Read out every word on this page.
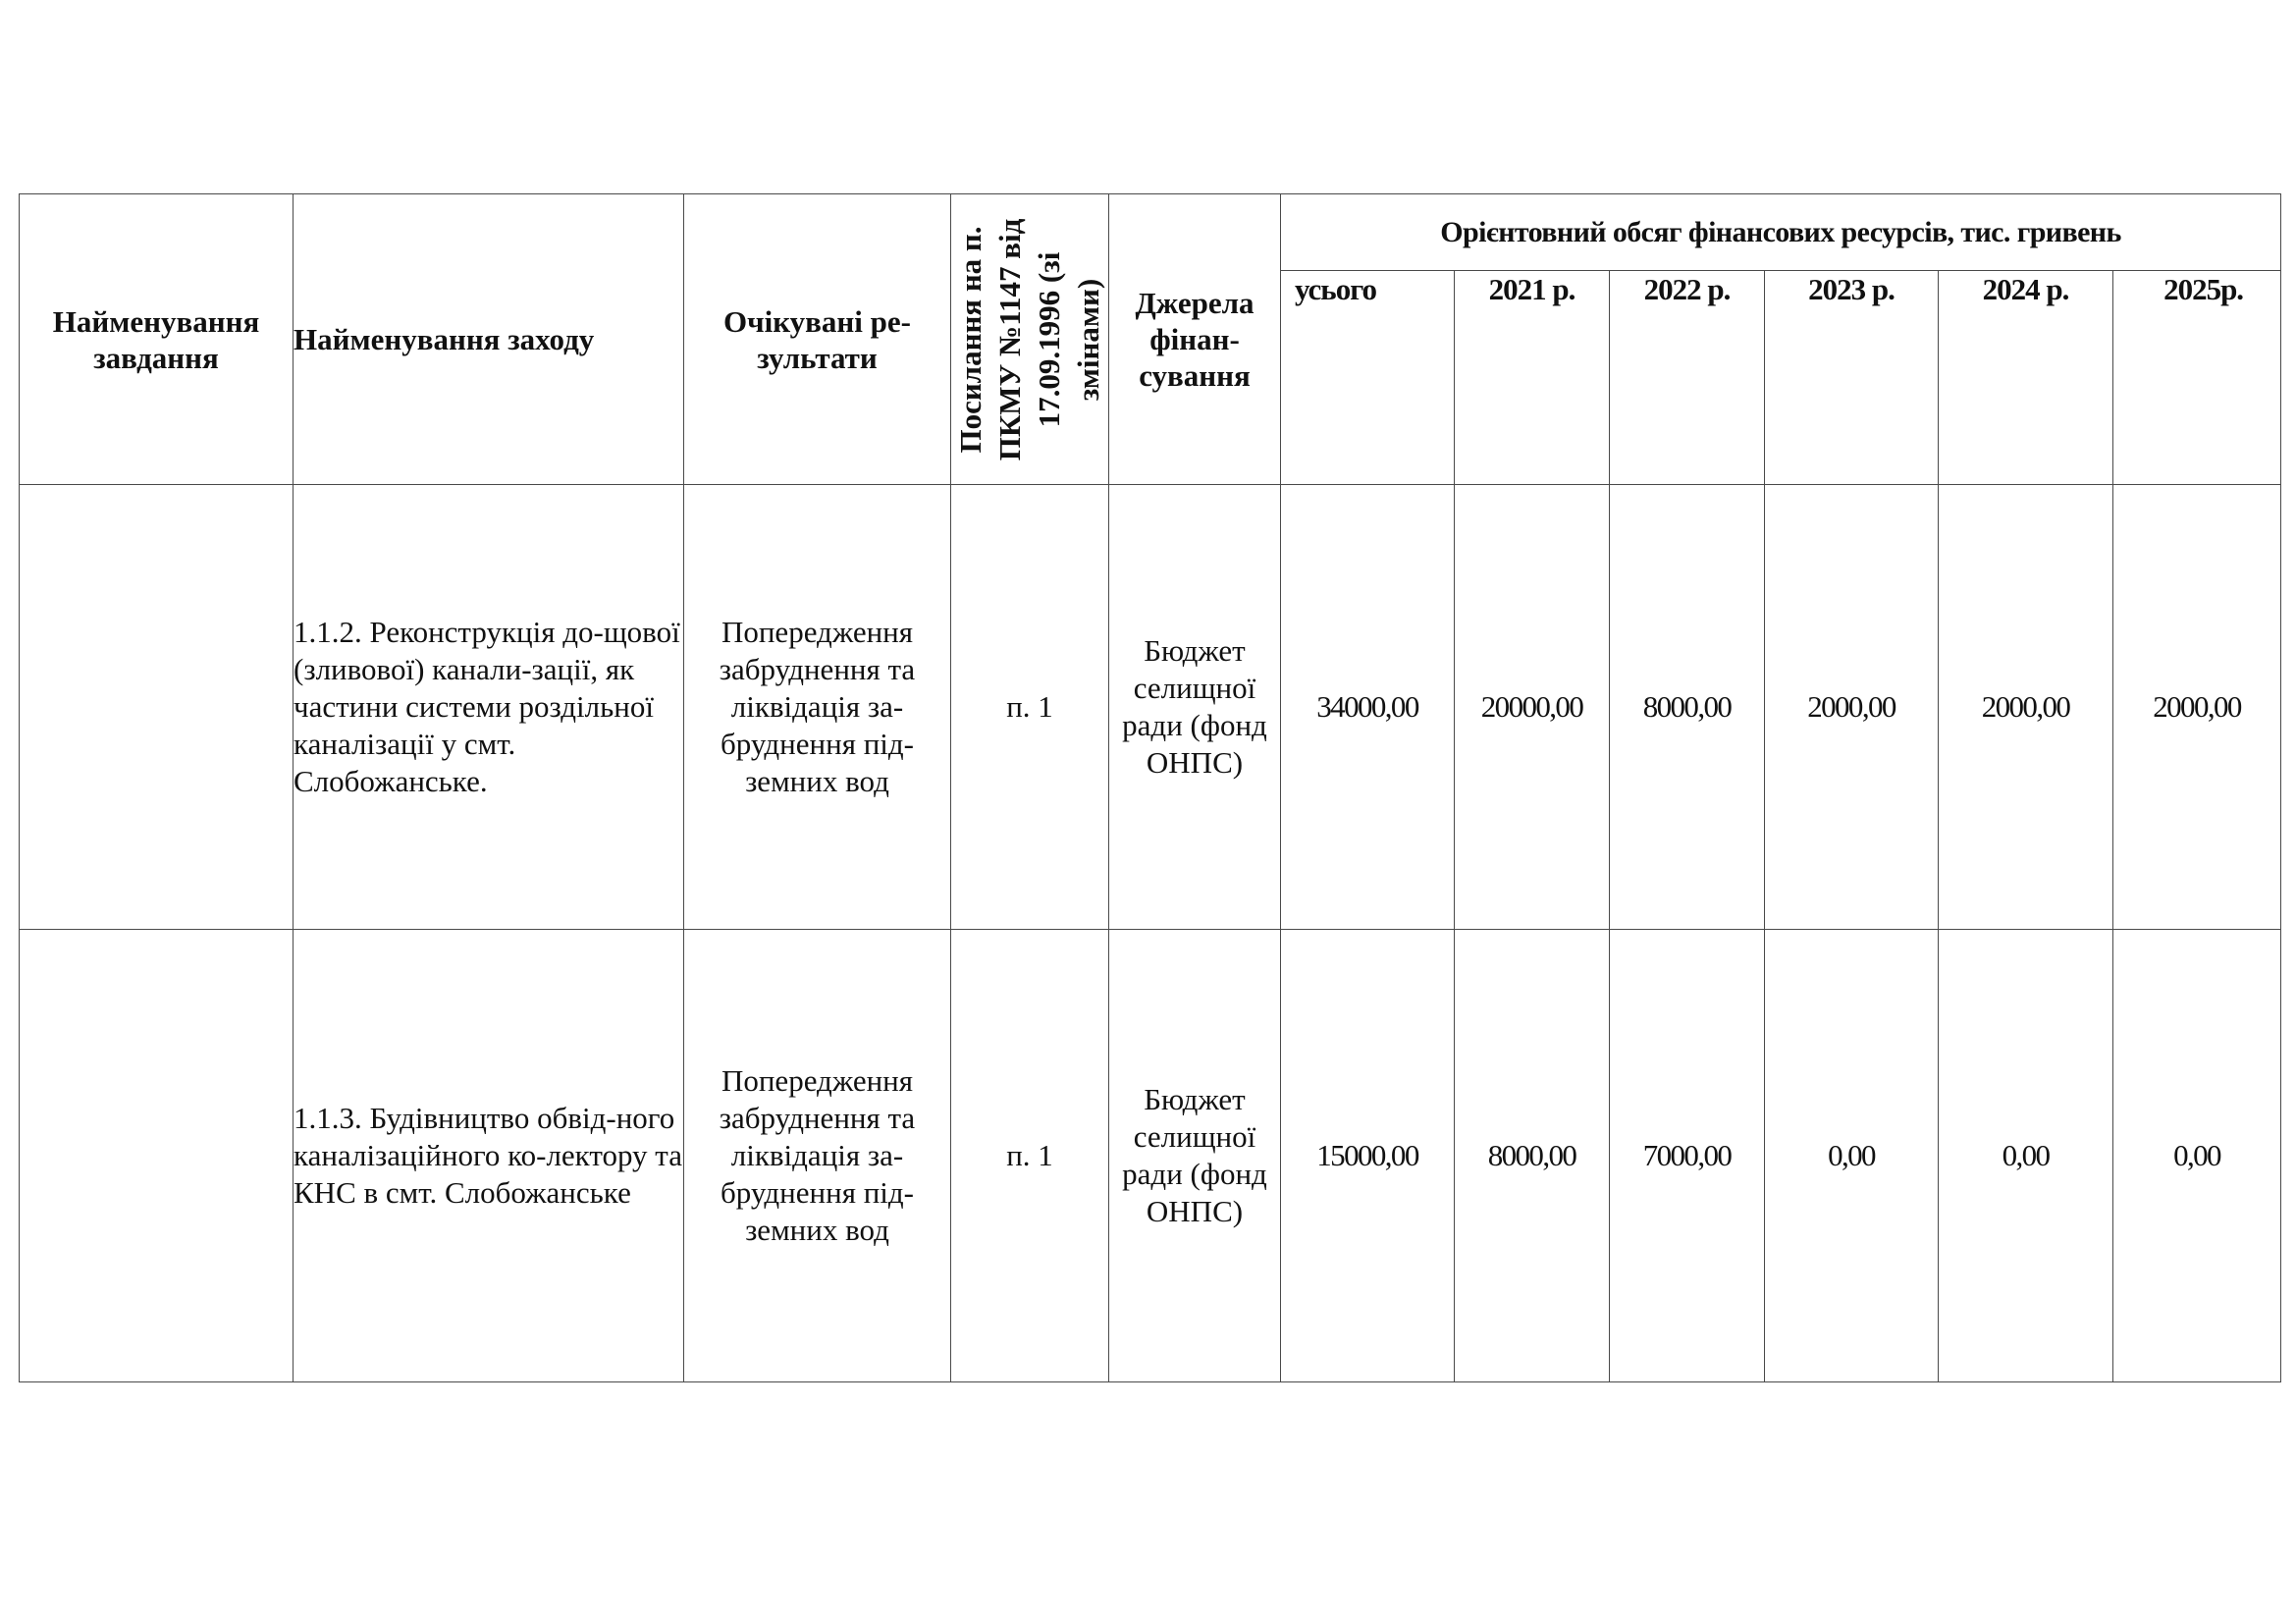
Найменування завдання	Найменування заходу	Очікувані ре-зультати	Посилання на п. ПКМУ №1147 від 17.09.1996 (зі змінами)	Джерела фінан-сування	Орієнтовний обсяг фінансових ресурсів, тис. гривень					
					усього	2021 р.	2022 р.	2023 р.	2024 р.	2025р.
	1.1.2. Реконструкція до-щової (зливової) канали-зації, як частини системи роздільної каналізації у смт. Слобожанське.	Попередження забруднення та ліквідація за-бруднення під-земних вод	п. 1	Бюджет селищної ради (фонд ОНПС)	34000,00	20000,00	8000,00	2000,00	2000,00	2000,00
	1.1.3. Будівництво обвід-ного каналізаційного ко-лектору та КНС в смт. Слобожанське	Попередження забруднення та ліквідація за-бруднення під-земних вод	п. 1	Бюджет селищної ради (фонд ОНПС)	15000,00	8000,00	7000,00	0,00	0,00	0,00
